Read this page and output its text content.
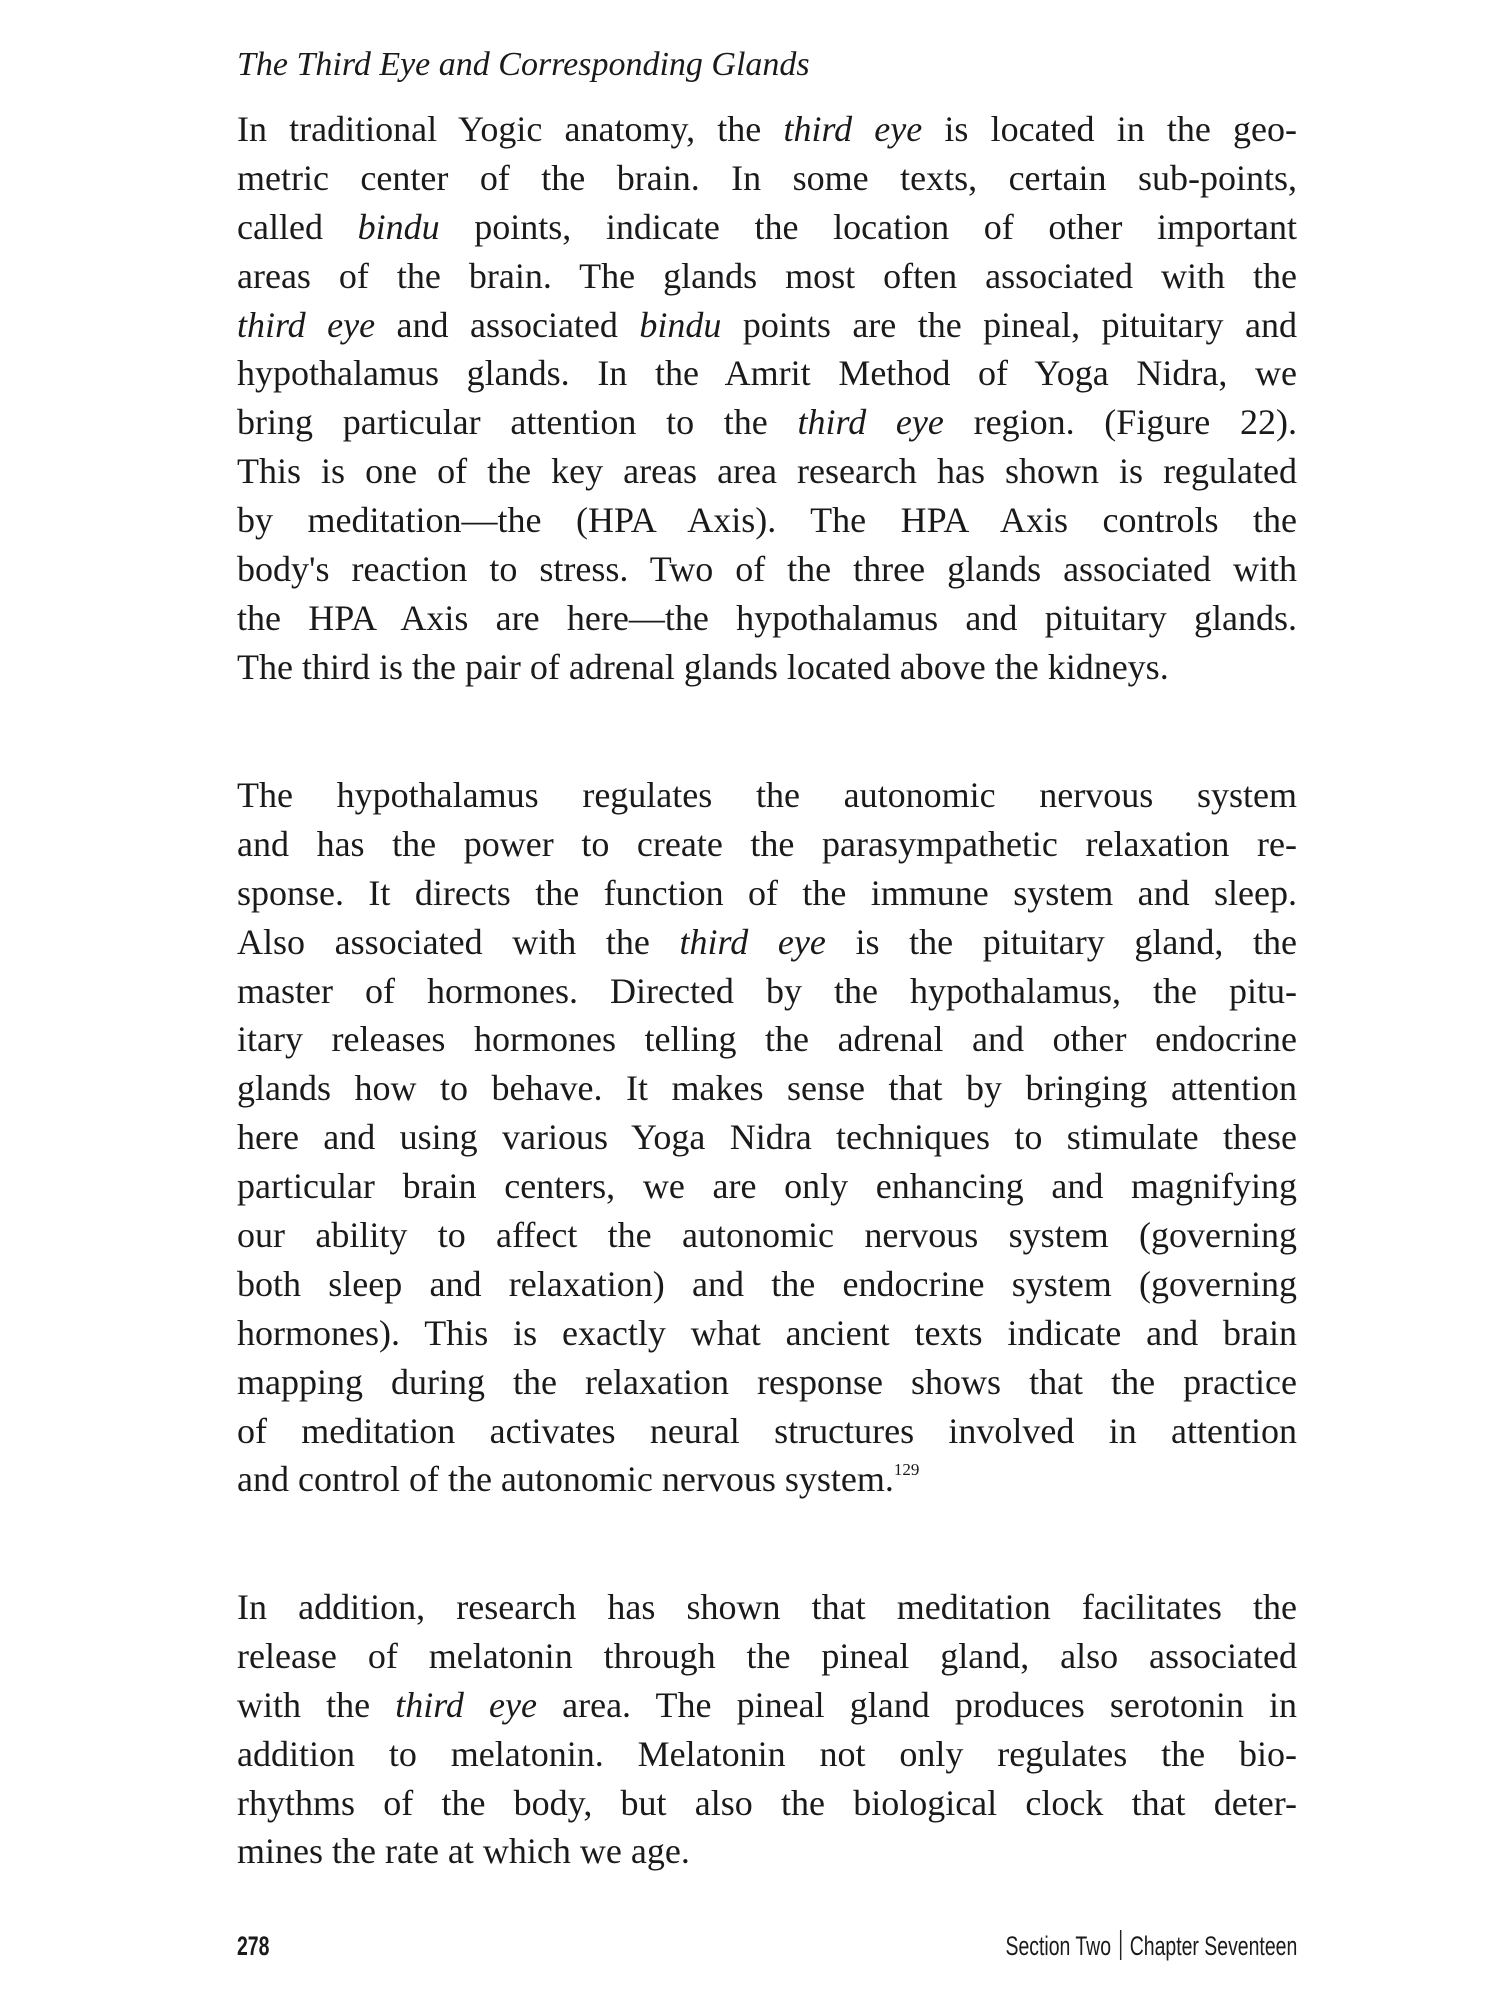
The Third Eye and Corresponding Glands
In traditional Yogic anatomy, the third eye is located in the geo-
metric center of the brain. In some texts, certain sub-points,
called bindu points, indicate the location of other important
areas of the brain. The glands most often associated with the
third eye and associated bindu points are the pineal, pituitary and
hypothalamus glands. In the Amrit Method of Yoga Nidra, we
bring particular attention to the third eye region. (Figure 22).
This is one of the key areas area research has shown is regulated
by meditation—the (HPA Axis). The HPA Axis controls the
body's reaction to stress. Two of the three glands associated with
the HPA Axis are here—the hypothalamus and pituitary glands.
The third is the pair of adrenal glands located above the kidneys.
The hypothalamus regulates the autonomic nervous system
and has the power to create the parasympathetic relaxation re-
sponse. It directs the function of the immune system and sleep.
Also associated with the third eye is the pituitary gland, the
master of hormones. Directed by the hypothalamus, the pitu-
itary releases hormones telling the adrenal and other endocrine
glands how to behave. It makes sense that by bringing attention
here and using various Yoga Nidra techniques to stimulate these
particular brain centers, we are only enhancing and magnifying
our ability to affect the autonomic nervous system (governing
both sleep and relaxation) and the endocrine system (governing
hormones). This is exactly what ancient texts indicate and brain
mapping during the relaxation response shows that the practice
of meditation activates neural structures involved in attention
and control of the autonomic nervous system.$^{129}$
In addition, research has shown that meditation facilitates the
release of melatonin through the pineal gland, also associated
with the third eye area. The pineal gland produces serotonin in
addition to melatonin. Melatonin not only regulates the bio-
rhythms of the body, but also the biological clock that deter-
mines the rate at which we age.
278	Section Two Chapter Seventeen
